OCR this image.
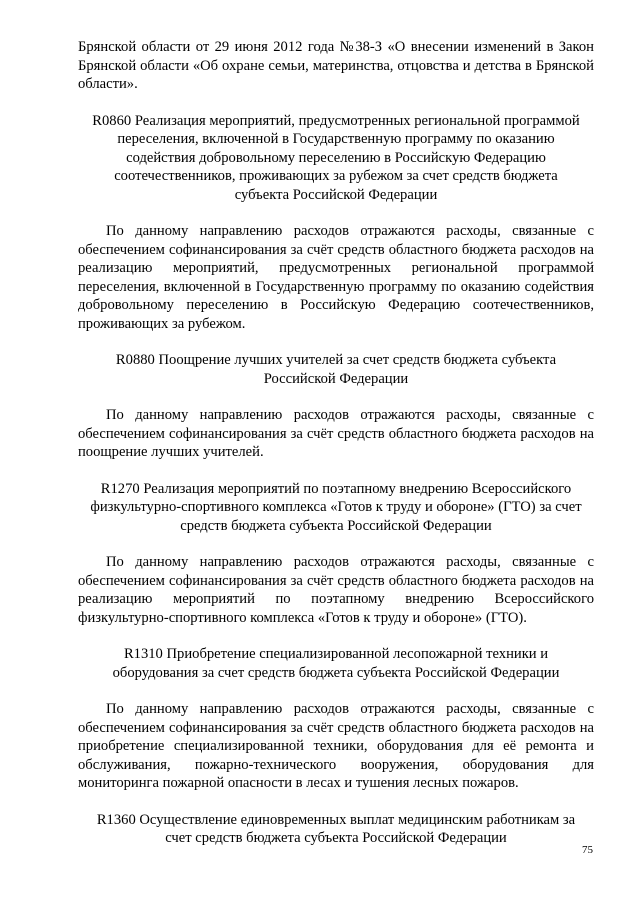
Брянской области от 29 июня 2012 года №38-З «О внесении изменений в Закон Брянской области «Об охране семьи, материнства, отцовства и детства в Брянской области».

R0860 Реализация мероприятий, предусмотренных региональной программой переселения, включенной в Государственную программу по оказанию содействия добровольному переселению в Российскую Федерацию соотечественников, проживающих за рубежом за счет средств бюджета субъекта Российской Федерации

По данному направлению расходов отражаются расходы, связанные с обеспечением софинансирования за счёт средств областного бюджета расходов на реализацию мероприятий, предусмотренных региональной программой переселения, включенной в Государственную программу по оказанию содействия добровольному переселению в Российскую Федерацию соотечественников, проживающих за рубежом.

R0880 Поощрение лучших учителей за счет средств бюджета субъекта Российской Федерации

По данному направлению расходов отражаются расходы, связанные с обеспечением софинансирования за счёт средств областного бюджета расходов на поощрение лучших учителей.

R1270 Реализация мероприятий по поэтапному внедрению Всероссийского физкультурно-спортивного комплекса «Готов к труду и обороне» (ГТО) за счет средств бюджета субъекта Российской Федерации

По данному направлению расходов отражаются расходы, связанные с обеспечением софинансирования за счёт средств областного бюджета расходов на реализацию мероприятий по поэтапному внедрению Всероссийского физкультурно-спортивного комплекса «Готов к труду и обороне» (ГТО).

R1310 Приобретение специализированной лесопожарной техники и оборудования за счет средств бюджета субъекта Российской Федерации

По данному направлению расходов отражаются расходы, связанные с обеспечением софинансирования за счёт средств областного бюджета расходов на приобретение специализированной техники, оборудования для её ремонта и обслуживания, пожарно-технического вооружения, оборудования для мониторинга пожарной опасности в лесах и тушения лесных пожаров.

R1360 Осуществление единовременных выплат медицинским работникам за счет средств бюджета субъекта Российской Федерации

75
